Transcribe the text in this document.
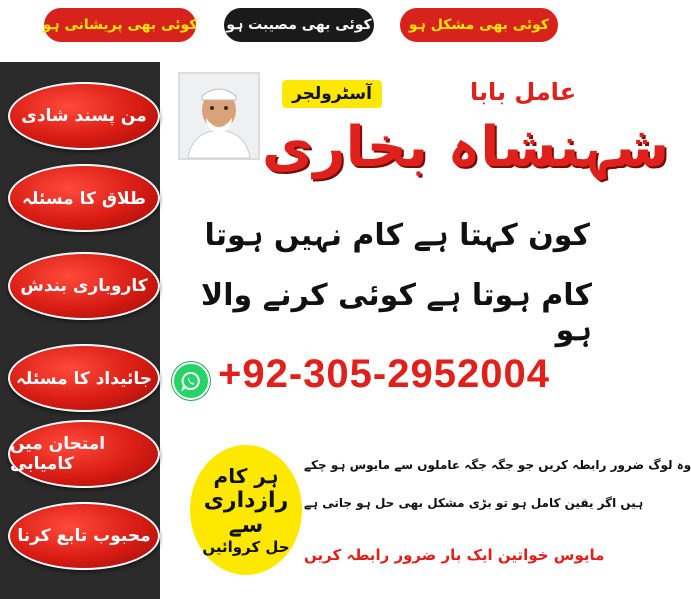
کوئی بھی پریشانی ہو	کوئی بھی مصیبت ہو	کوئی بھی مشکل ہو
من پسند شادی
طلاق کا مسئلہ
کاروباری بندش
جائیداد کا مسئلہ
امتحان میں کامیابی
محبوب تابع کرنا
آسٹرولجر	عامل بابا
شہنشاہ بخاری
کون کہتا ہے کام نہیں ہوتا
کام ہوتا ہے کوئی کرنے والا ہو
+92-305-2952004
ہر کام
رازداری سے
حل کروائیں
وہ لوگ ضرور رابطہ کریں جو جگہ جگہ عاملوں سے مایوس ہو چکے
ہیں اگر یقین کامل ہو تو بڑی مشکل بھی حل ہو جاتی ہے
مایوس خواتین ایک بار ضرور رابطہ کریں
